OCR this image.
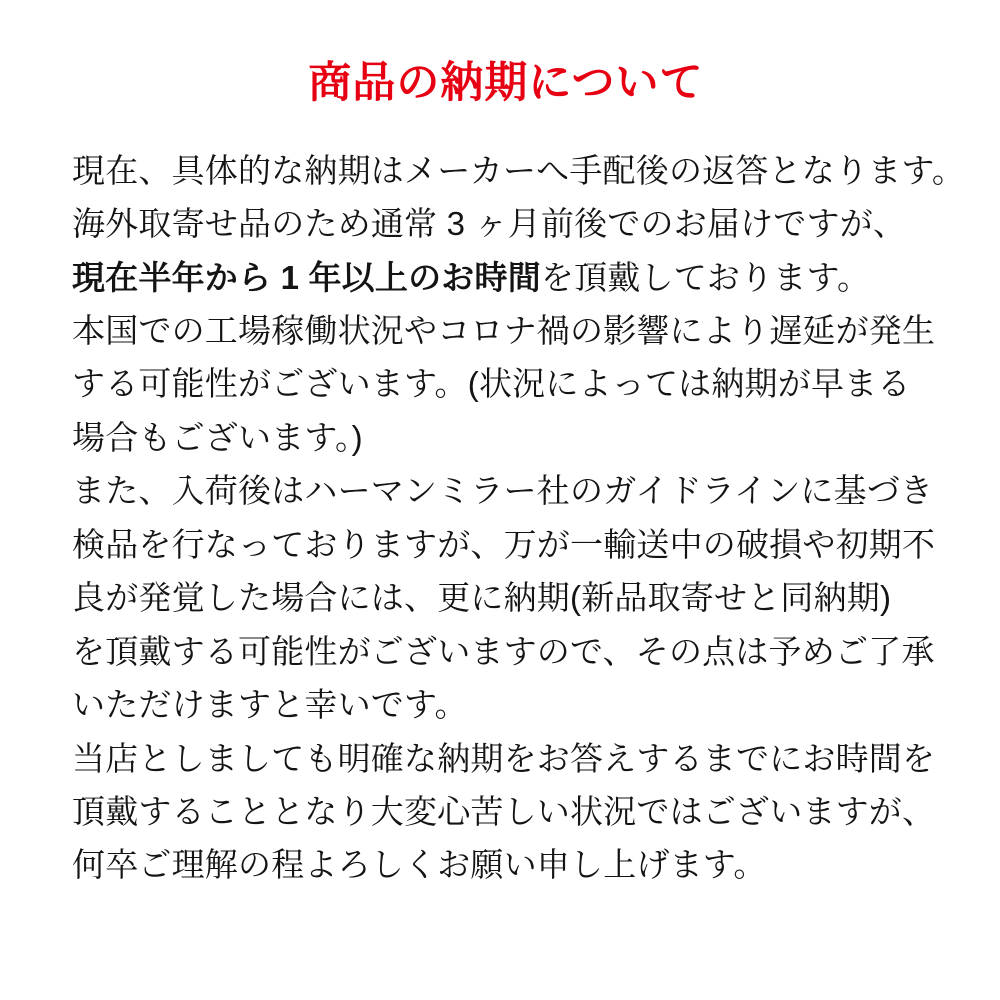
商品の納期について
現在、具体的な納期はメーカーへ手配後の返答となります。
海外取寄せ品のため通常 3 ヶ月前後でのお届けですが、
現在半年から 1 年以上のお時間を頂戴しております。
本国での工場稼働状況やコロナ禍の影響により遅延が発生
する可能性がございます。(状況によっては納期が早まる
場合もございます。)
また、入荷後はハーマンミラー社のガイドラインに基づき
検品を行なっておりますが、万が一輸送中の破損や初期不
良が発覚した場合には、更に納期(新品取寄せと同納期)
を頂戴する可能性がございますので、その点は予めご了承
いただけますと幸いです。
当店としましても明確な納期をお答えするまでにお時間を
頂戴することとなり大変心苦しい状況ではございますが、
何卒ご理解の程よろしくお願い申し上げます。
